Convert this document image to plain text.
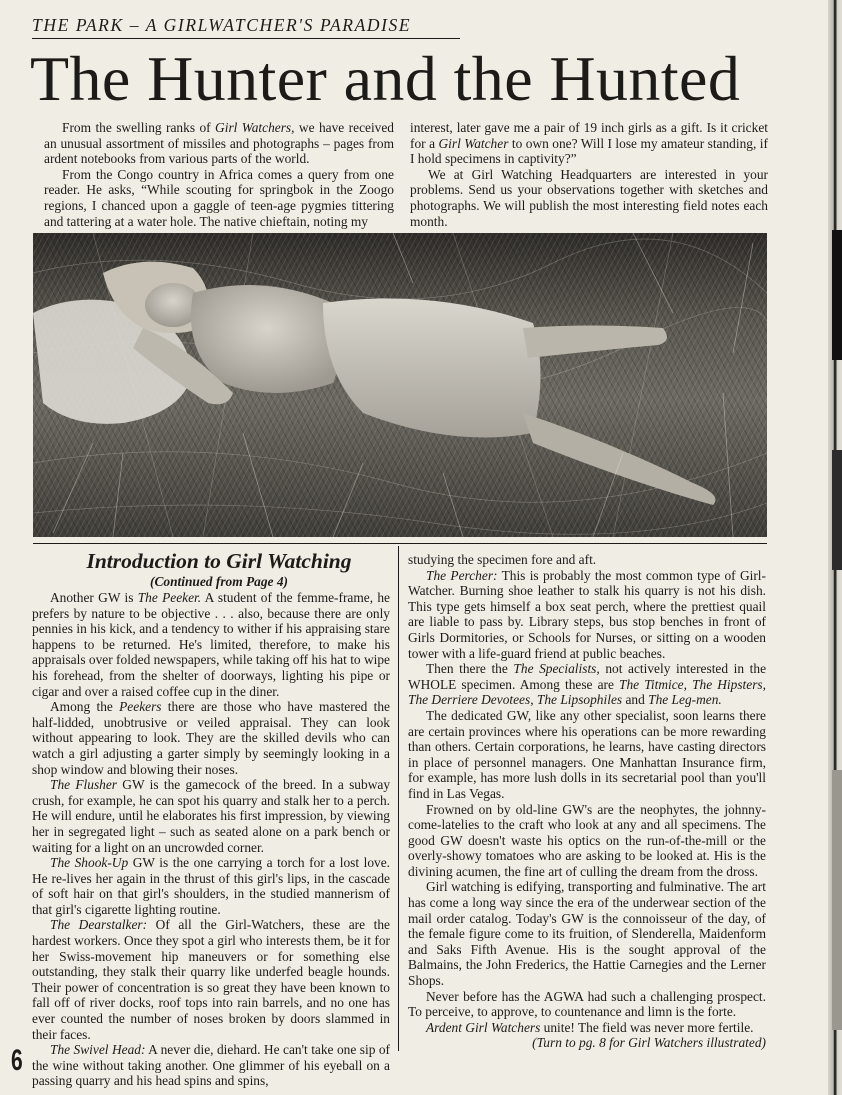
THE PARK – A GIRLWATCHER'S PARADISE
The Hunter and the Hunted

From the swelling ranks of Girl Watchers, we have received an unusual assortment of missiles and photographs – pages from ardent notebooks from various parts of the world.

From the Congo country in Africa comes a query from one reader. He asks, “While scouting for springbok in the Zoogo regions, I chanced upon a gaggle of teen-age pygmies tittering and tattering at a water hole. The native chieftain, noting my

interest, later gave me a pair of 19 inch girls as a gift. Is it cricket for a Girl Watcher to own one? Will I lose my amateur standing, if I hold specimens in captivity?”

We at Girl Watching Headquarters are interested in your problems. Send us your observations together with sketches and photographs. We will publish the most interesting field notes each month.

Introduction to Girl Watching
(Continued from Page 4)

Another GW is The Peeker. A student of the femme-frame, he prefers by nature to be objective . . . also, because there are only pennies in his kick, and a tendency to wither if his appraising stare happens to be returned. He's limited, therefore, to make his appraisals over folded newspapers, while taking off his hat to wipe his forehead, from the shelter of doorways, lighting his pipe or cigar and over a raised coffee cup in the diner.

Among the Peekers there are those who have mastered the half-lidded, unobtrusive or veiled appraisal. They can look without appearing to look. They are the skilled devils who can watch a girl adjusting a garter simply by seemingly looking in a shop window and blowing their noses.

The Flusher GW is the gamecock of the breed. In a subway crush, for example, he can spot his quarry and stalk her to a perch. He will endure, until he elaborates his first impression, by viewing her in segregated light – such as seated alone on a park bench or waiting for a light on an uncrowded corner.

The Shook-Up GW is the one carrying a torch for a lost love. He re-lives her again in the thrust of this girl's lips, in the cascade of soft hair on that girl's shoulders, in the studied mannerism of that girl's cigarette lighting routine.

The Dearstalker: Of all the Girl-Watchers, these are the hardest workers. Once they spot a girl who interests them, be it for her Swiss-movement hip maneuvers or for something else outstanding, they stalk their quarry like underfed beagle hounds. Their power of concentration is so great they have been known to fall off of river docks, roof tops into rain barrels, and no one has ever counted the number of noses broken by doors slammed in their faces.

The Swivel Head: A never die, diehard. He can't take one sip of the wine without taking another. One glimmer of his eyeball on a passing quarry and his head spins and spins,

studying the specimen fore and aft.

The Percher: This is probably the most common type of Girl-Watcher. Burning shoe leather to stalk his quarry is not his dish. This type gets himself a box seat perch, where the prettiest quail are liable to pass by. Library steps, bus stop benches in front of Girls Dormitories, or Schools for Nurses, or sitting on a wooden tower with a life-guard friend at public beaches.

Then there the The Specialists, not actively interested in the WHOLE specimen. Among these are The Titmice, The Hipsters, The Derriere Devotees, The Lipsophiles and The Leg-men.

The dedicated GW, like any other specialist, soon learns there are certain provinces where his operations can be more rewarding than others. Certain corporations, he learns, have casting directors in place of personnel managers. One Manhattan Insurance firm, for example, has more lush dolls in its secretarial pool than you'll find in Las Vegas.

Frowned on by old-line GW's are the neophytes, the johnny-come-latelies to the craft who look at any and all specimens. The good GW doesn't waste his optics on the run-of-the-mill or the overly-showy tomatoes who are asking to be looked at. His is the divining acumen, the fine art of culling the dream from the dross.

Girl watching is edifying, transporting and fulminative. The art has come a long way since the era of the underwear section of the mail order catalog. Today's GW is the connoisseur of the day, of the female figure come to its fruition, of Slenderella, Maidenform and Saks Fifth Avenue. His is the sought approval of the Balmains, the John Frederics, the Hattie Carnegies and the Lerner Shops.

Never before has the AGWA had such a challenging prospect. To perceive, to approve, to countenance and limn is the forte.

Ardent Girl Watchers unite! The field was never more fertile.
(Turn to pg. 8 for Girl Watchers illustrated)

6
